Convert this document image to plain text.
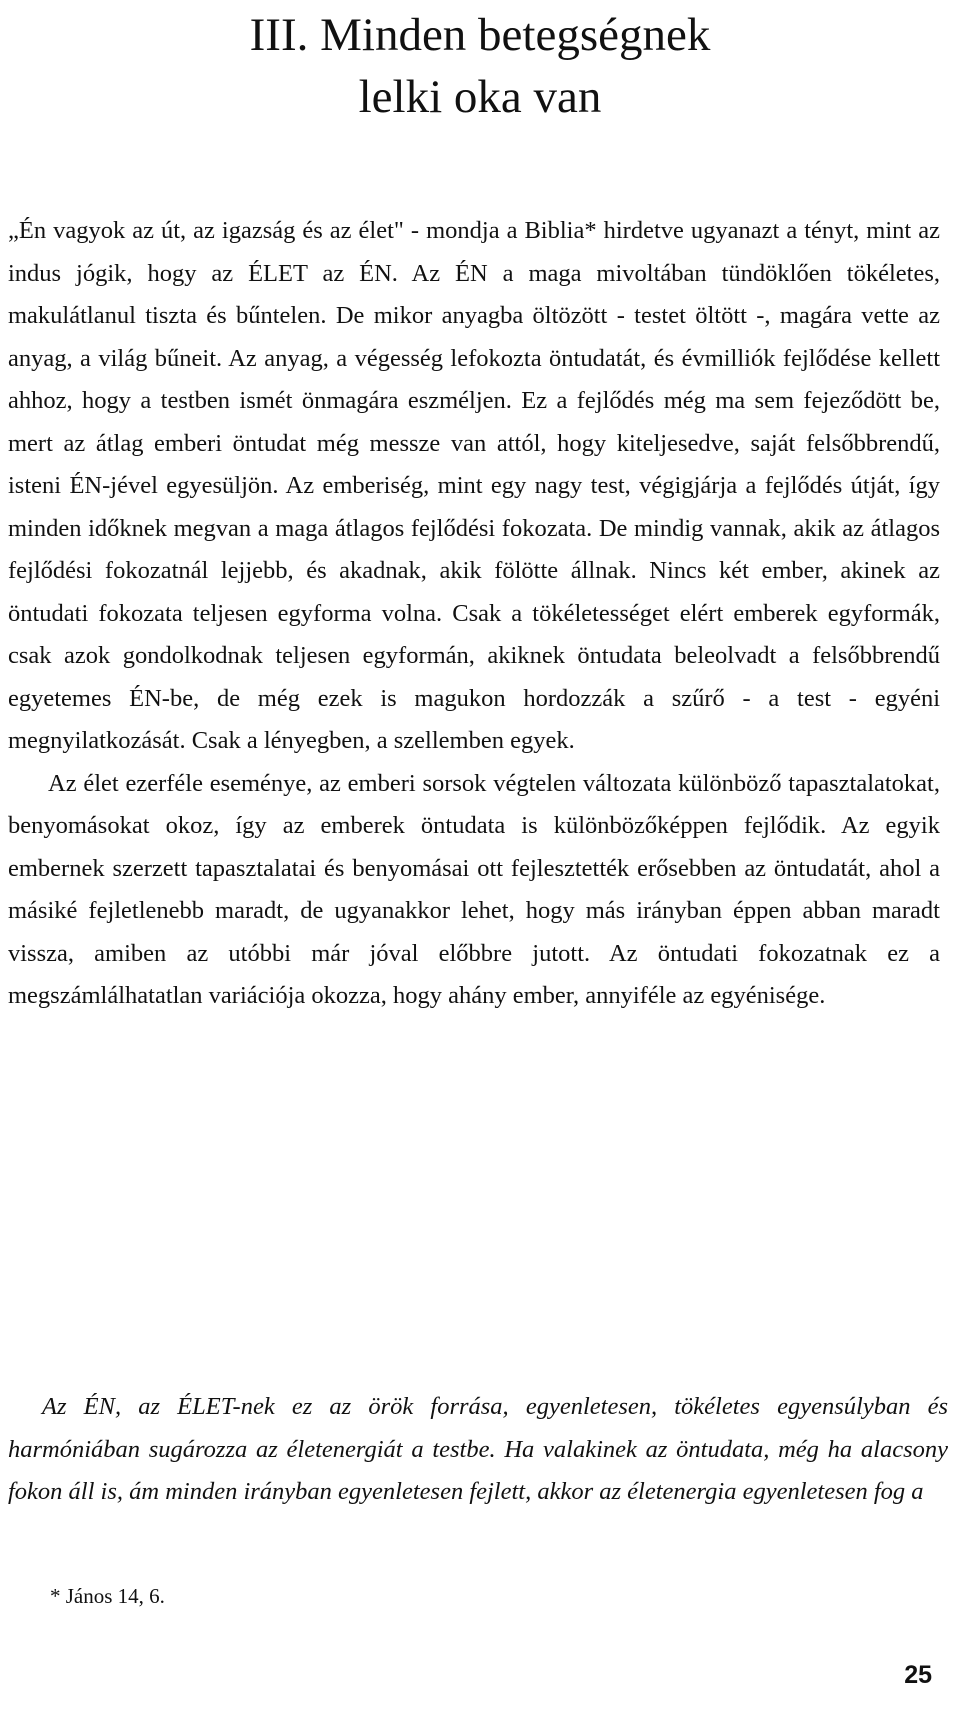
III. Minden betegségnek
lelki oka van

„Én vagyok az út, az igazság és az élet" - mondja a Biblia* hirdetve ugyanazt a tényt, mint az indus jógik, hogy az ÉLET az ÉN. Az ÉN a maga mivoltában tündöklően tökéletes, makulátlanul tiszta és bűntelen. De mikor anyagba öltözött - testet öltött -, magára vette az anyag, a világ bűneit. Az anyag, a végesség lefokozta öntudatát, és évmilliók fejlődése kellett ahhoz, hogy a testben ismét önmagára eszméljen. Ez a fejlődés még ma sem fejeződött be, mert az átlag emberi öntudat még messze van attól, hogy kiteljesedve, saját felsőbbrendű, isteni ÉN-jével egyesüljön. Az emberiség, mint egy nagy test, végigjárja a fejlődés útját, így minden időknek megvan a maga átlagos fejlődési fokozata. De mindig vannak, akik az átlagos fejlődési fokozatnál lejjebb, és akadnak, akik fölötte állnak. Nincs két ember, akinek az öntudati fokozata teljesen egyforma volna. Csak a tökéletességet elért emberek egyformák, csak azok gondolkodnak teljesen egyformán, akiknek öntudata beleolvadt a felsőbbrendű egyetemes ÉN-be, de még ezek is magukon hordozzák a szűrő - a test - egyéni megnyilatkozását. Csak a lényegben, a szellemben egyek.

Az élet ezerféle eseménye, az emberi sorsok végtelen változata különböző tapasztalatokat, benyomásokat okoz, így az emberek öntudata is különbözőképpen fejlődik. Az egyik embernek szerzett tapasztalatai és benyomásai ott fejlesztették erősebben az öntudatát, ahol a másiké fejletlenebb maradt, de ugyanakkor lehet, hogy más irányban éppen abban maradt vissza, amiben az utóbbi már jóval előbbre jutott. Az öntudati fokozatnak ez a megszámlálhatatlan variációja okozza, hogy ahány ember, annyiféle az egyénisége.

Az ÉN, az ÉLET-nek ez az örök forrása, egyenletesen, tökéletes egyensúlyban és harmóniában sugározza az életenergiát a testbe. Ha valakinek az öntudata, még ha alacsony fokon áll is, ám minden irányban egyenletesen fejlett, akkor az életenergia egyenletesen fog a

* János 14, 6.
25
